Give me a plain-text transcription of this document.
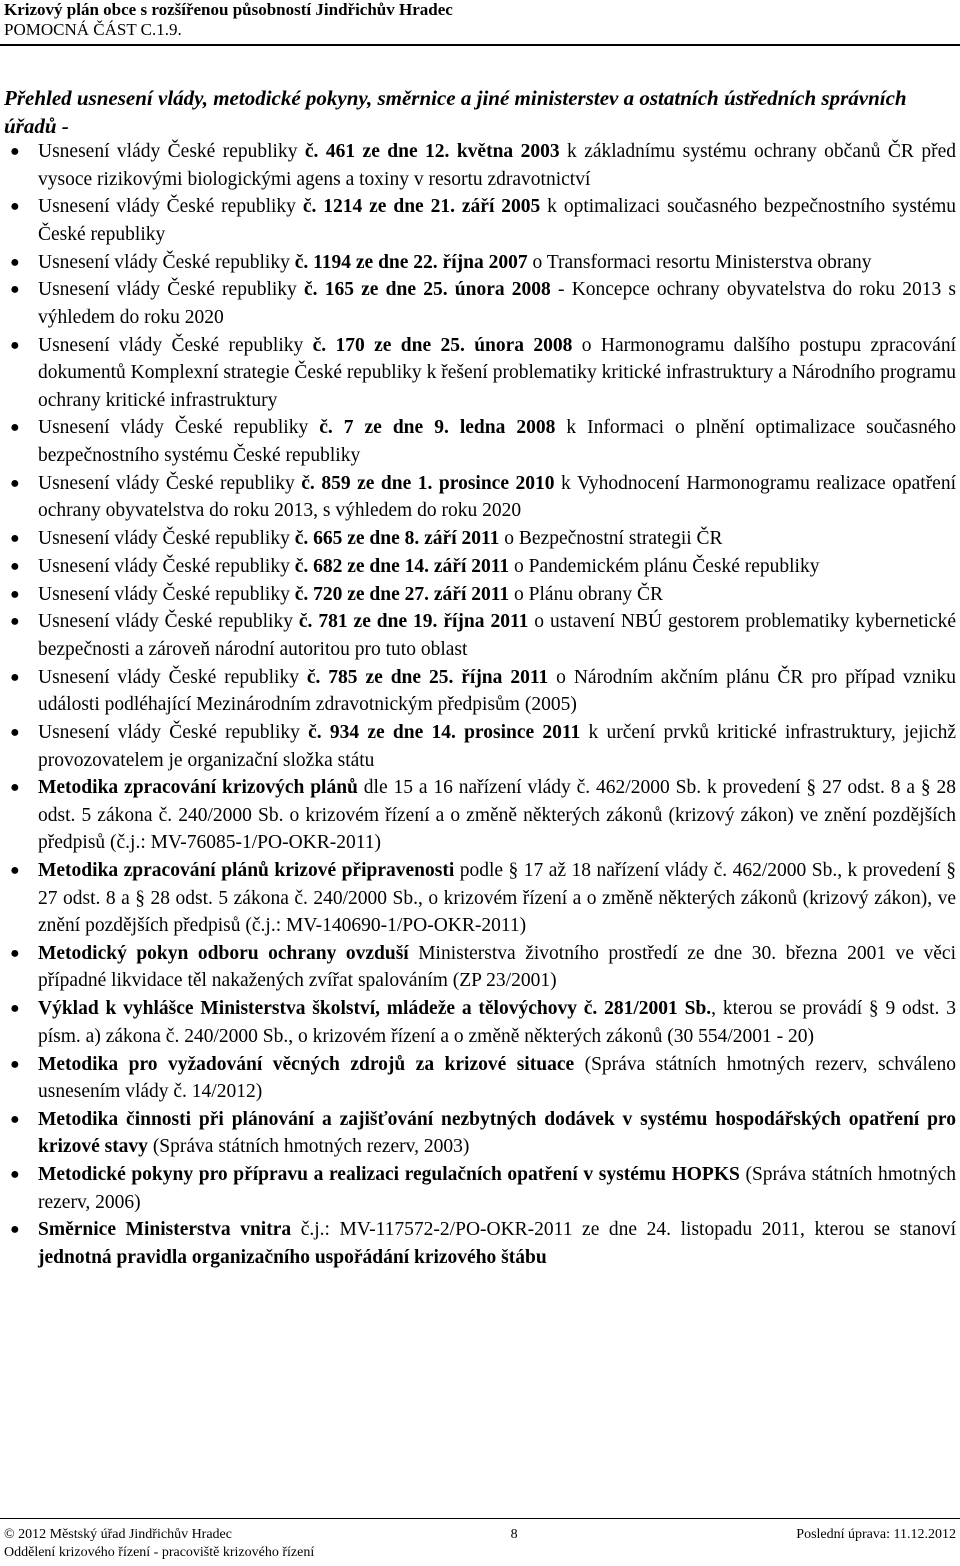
Krizový plán obce s rozšířenou působností Jindřichův Hradec
POMOCNÁ ČÁST C.1.9.
Přehled usnesení vlády, metodické pokyny, směrnice a jiné ministerstev a ostatních ústředních správních úřadů -
● Usnesení vlády České republiky č. 461 ze dne 12. května 2003 k základnímu systému ochrany občanů ČR před vysoce rizikovými biologickými agens a toxiny v resortu zdravotnictví
● Usnesení vlády České republiky č. 1214 ze dne 21. září 2005 k optimalizaci současného bezpečnostního systému České republiky
● Usnesení vlády České republiky č. 1194 ze dne 22. října 2007 o Transformaci resortu Ministerstva obrany
● Usnesení vlády České republiky č. 165 ze dne 25. února 2008 - Koncepce ochrany obyvatelstva do roku 2013 s výhledem do roku 2020
● Usnesení vlády České republiky č. 170 ze dne 25. února 2008 o Harmonogramu dalšího postupu zpracování dokumentů Komplexní strategie České republiky k řešení problematiky kritické infrastruktury a Národního programu ochrany kritické infrastruktury
● Usnesení vlády České republiky č. 7 ze dne 9. ledna 2008 k Informaci o plnění optimalizace současného bezpečnostního systému České republiky
● Usnesení vlády České republiky č. 859 ze dne 1. prosince 2010 k Vyhodnocení Harmonogramu realizace opatření ochrany obyvatelstva do roku 2013, s výhledem do roku 2020
● Usnesení vlády České republiky č. 665 ze dne 8. září 2011 o Bezpečnostní strategii ČR
● Usnesení vlády České republiky č. 682 ze dne 14. září 2011 o Pandemickém plánu České republiky
● Usnesení vlády České republiky č. 720 ze dne 27. září 2011 o Plánu obrany ČR
● Usnesení vlády České republiky č. 781 ze dne 19. října 2011 o ustavení NBÚ gestorem problematiky kybernetické bezpečnosti a zároveň národní autoritou pro tuto oblast
● Usnesení vlády České republiky č. 785 ze dne 25. října 2011 o Národním akčním plánu ČR pro případ vzniku události podléhající Mezinárodním zdravotnickým předpisům (2005)
● Usnesení vlády České republiky č. 934 ze dne 14. prosince 2011 k určení prvků kritické infrastruktury, jejichž provozovatelem je organizační složka státu
● Metodika zpracování krizových plánů dle 15 a 16 nařízení vlády č. 462/2000 Sb. k provedení § 27 odst. 8 a § 28 odst. 5 zákona č. 240/2000 Sb. o krizovém řízení a o změně některých zákonů (krizový zákon) ve znění pozdějších předpisů (č.j.: MV-76085-1/PO-OKR-2011)
● Metodika zpracování plánů krizové připravenosti podle § 17 až 18 nařízení vlády č. 462/2000 Sb., k provedení § 27 odst. 8 a § 28 odst. 5 zákona č. 240/2000 Sb., o krizovém řízení a o změně některých zákonů (krizový zákon), ve znění pozdějších předpisů (č.j.: MV-140690-1/PO-OKR-2011)
● Metodický pokyn odboru ochrany ovzduší Ministerstva životního prostředí ze dne 30. března 2001 ve věci případné likvidace těl nakažených zvířat spalováním (ZP 23/2001)
● Výklad k vyhlášce Ministerstva školství, mládeže a tělovýchovy č. 281/2001 Sb., kterou se provádí § 9 odst. 3 písm. a) zákona č. 240/2000 Sb., o krizovém řízení a o změně některých zákonů (30 554/2001 - 20)
● Metodika pro vyžadování věcných zdrojů za krizové situace (Správa státních hmotných rezerv, schváleno usnesením vlády č. 14/2012)
● Metodika činnosti při plánování a zajišťování nezbytných dodávek v systému hospodářských opatření pro krizové stavy (Správa státních hmotných rezerv, 2003)
● Metodické pokyny pro přípravu a realizaci regulačních opatření v systému HOPKS (Správa státních hmotných rezerv, 2006)
● Směrnice Ministerstva vnitra č.j.: MV-117572-2/PO-OKR-2011 ze dne 24. listopadu 2011, kterou se stanoví jednotná pravidla organizačního uspořádání krizového štábu
© 2012 Městský úřad Jindřichův Hradec	8	Poslední úprava: 11.12.2012
Oddělení krizového řízení - pracoviště krizového řízení
